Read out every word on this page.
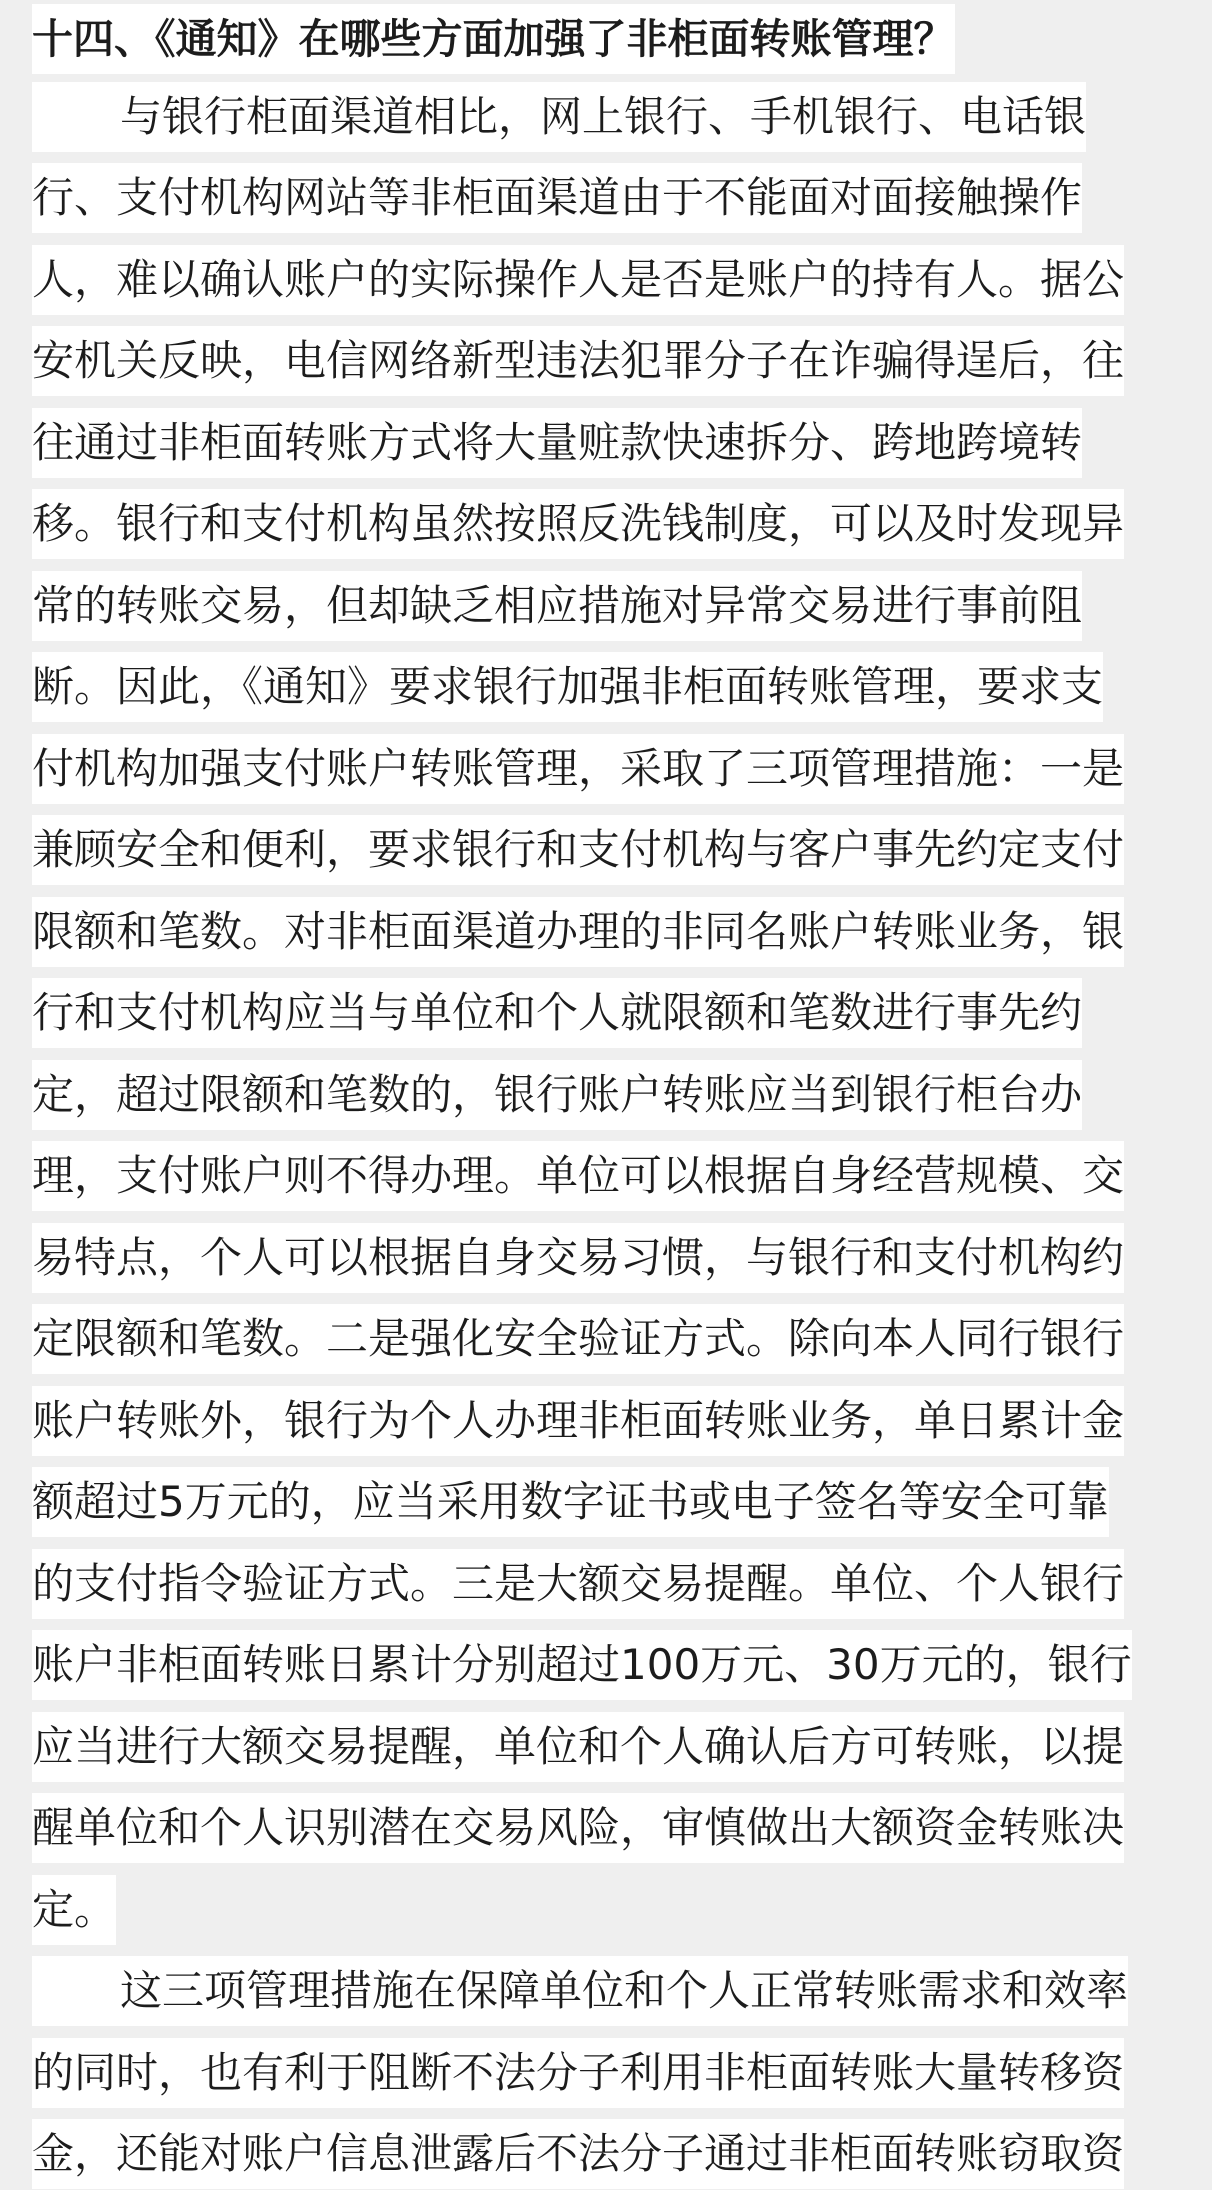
十四、《通知》在哪些方面加强了非柜面转账管理？
与银行柜面渠道相比，网上银行、手机银行、电话银
行、支付机构网站等非柜面渠道由于不能面对面接触操作
人，难以确认账户的实际操作人是否是账户的持有人。据公
安机关反映，电信网络新型违法犯罪分子在诈骗得逞后，往
往通过非柜面转账方式将大量赃款快速拆分、跨地跨境转
移。银行和支付机构虽然按照反洗钱制度，可以及时发现异
常的转账交易，但却缺乏相应措施对异常交易进行事前阻
断。因此，《通知》要求银行加强非柜面转账管理，要求支
付机构加强支付账户转账管理，采取了三项管理措施：一是
兼顾安全和便利，要求银行和支付机构与客户事先约定支付
限额和笔数。对非柜面渠道办理的非同名账户转账业务，银
行和支付机构应当与单位和个人就限额和笔数进行事先约
定，超过限额和笔数的，银行账户转账应当到银行柜台办
理，支付账户则不得办理。单位可以根据自身经营规模、交
易特点，个人可以根据自身交易习惯，与银行和支付机构约
定限额和笔数。二是强化安全验证方式。除向本人同行银行
账户转账外，银行为个人办理非柜面转账业务，单日累计金
额超过5万元的，应当采用数字证书或电子签名等安全可靠
的支付指令验证方式。三是大额交易提醒。单位、个人银行
账户非柜面转账日累计分别超过100万元、30万元的，银行
应当进行大额交易提醒，单位和个人确认后方可转账，以提
醒单位和个人识别潜在交易风险，审慎做出大额资金转账决
定。
这三项管理措施在保障单位和个人正常转账需求和效率
的同时，也有利于阻断不法分子利用非柜面转账大量转移资
金，还能对账户信息泄露后不法分子通过非柜面转账窃取资
